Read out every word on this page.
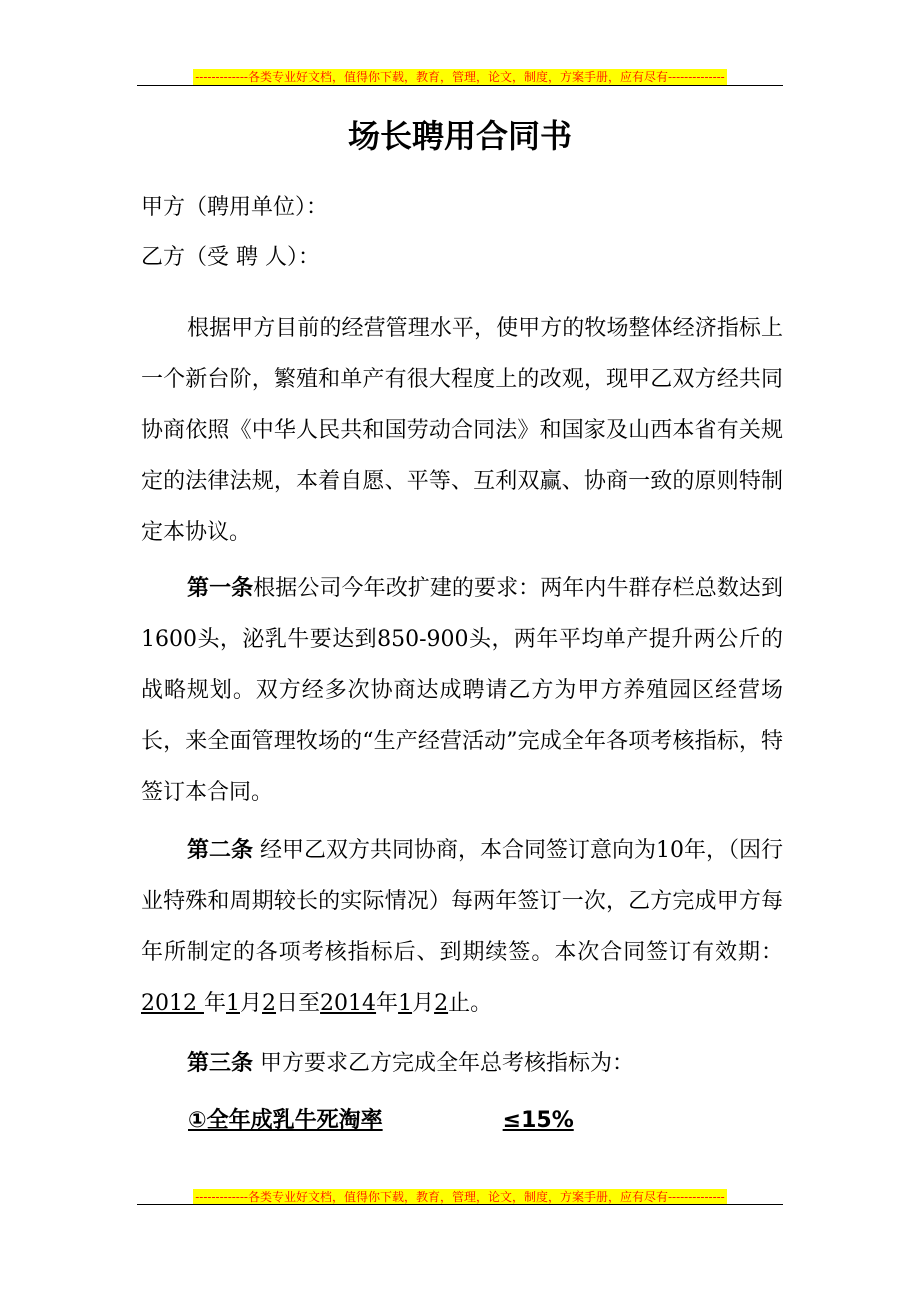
-------------各类专业好文档，值得你下载，教育，管理，论文，制度，方案手册，应有尽有--------------
场长聘用合同书
甲方（聘用单位）：
乙方（受 聘 人）：
根据甲方目前的经营管理水平，使甲方的牧场整体经济指标上一个新台阶，繁殖和单产有很大程度上的改观，现甲乙双方经共同协商依照《中华人民共和国劳动合同法》和国家及山西本省有关规定的法律法规，本着自愿、平等、互利双赢、协商一致的原则特制定本协议。
第一条根据公司今年改扩建的要求：两年内牛群存栏总数达到1600头，泌乳牛要达到850-900头，两年平均单产提升两公斤的战略规划。双方经多次协商达成聘请乙方为甲方养殖园区经营场长，来全面管理牧场的“生产经营活动”完成全年各项考核指标，特签订本合同。
第二条 经甲乙双方共同协商，本合同签订意向为10年，（因行业特殊和周期较长的实际情况）每两年签订一次，乙方完成甲方每年所制定的各项考核指标后、到期续签。本次合同签订有效期： 2012 年1月2日至2014年1月2止。
第三条 甲方要求乙方完成全年总考核指标为：
①全年成乳牛死淘率	≤15%
-------------各类专业好文档，值得你下载，教育，管理，论文，制度，方案手册，应有尽有--------------
